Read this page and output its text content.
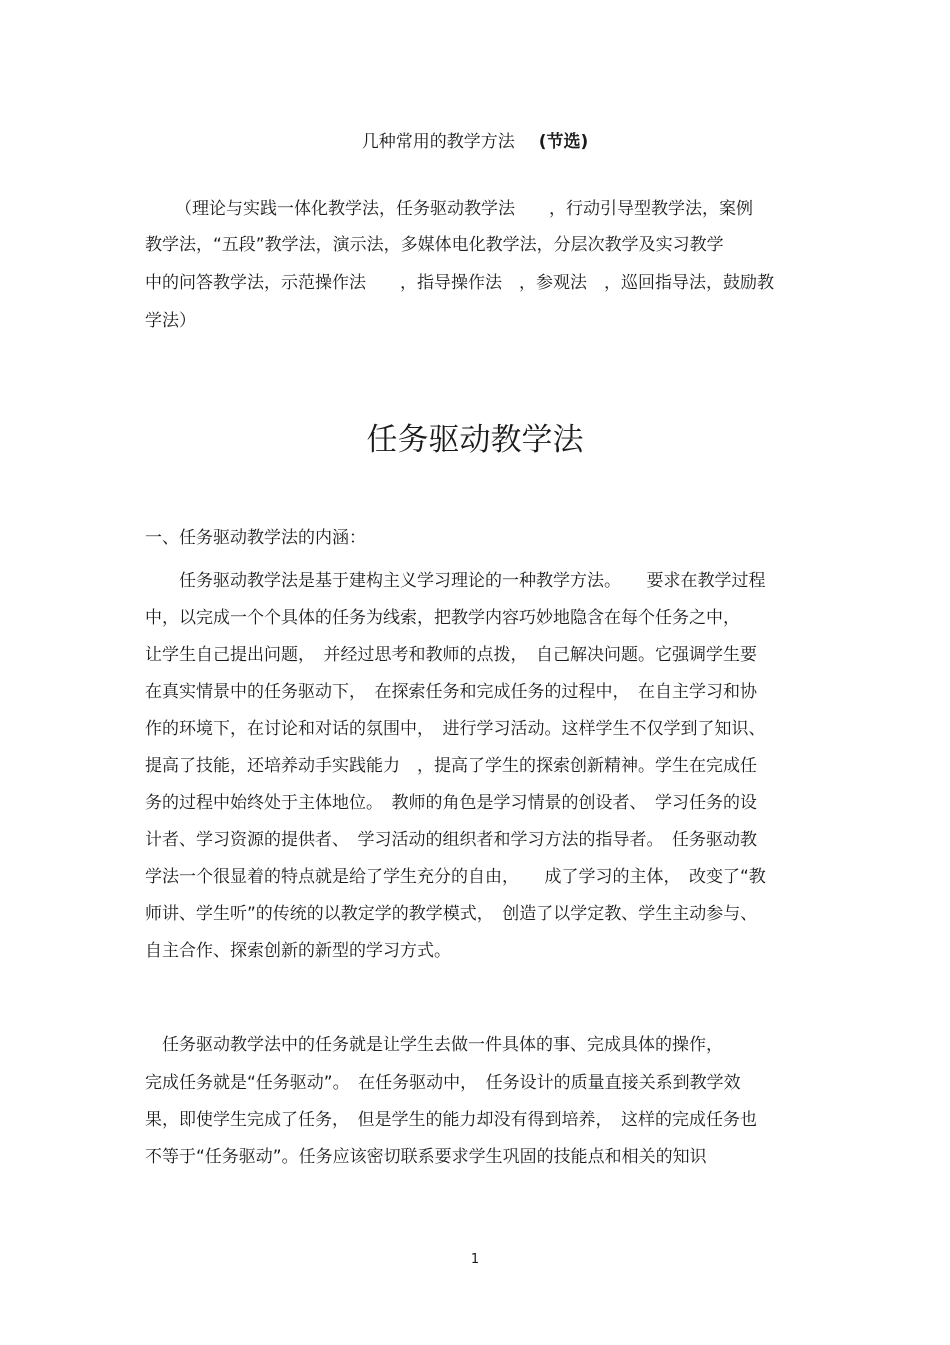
几种常用的教学方法 (节选)
（理论与实践一体化教学法，任务驱动教学法　　，行动引导型教学法，案例
教学法，“五段”教学法，演示法，多媒体电化教学法，分层次教学及实习教学
中的问答教学法，示范操作法　　，指导操作法　，参观法　，巡回指导法，鼓励教
学法）
任务驱动教学法
一、任务驱动教学法的内涵：
　　任务驱动教学法是基于建构主义学习理论的一种教学方法。　　要求在教学过程
中，以完成一个个具体的任务为线索，把教学内容巧妙地隐含在每个任务之中，
让学生自己提出问题，　并经过思考和教师的点拨，　自己解决问题。它强调学生要
在真实情景中的任务驱动下，　在探索任务和完成任务的过程中，　在自主学习和协
作的环境下，在讨论和对话的氛围中，　进行学习活动。这样学生不仅学到了知识、
提高了技能，还培养动手实践能力　，提高了学生的探索创新精神。学生在完成任
务的过程中始终处于主体地位。　教师的角色是学习情景的创设者、　学习任务的设
计者、学习资源的提供者、　学习活动的组织者和学习方法的指导者。　任务驱动教
学法一个很显着的特点就是给了学生充分的自由，　　成了学习的主体，　改变了“教
师讲、学生听”的传统的以教定学的教学模式，　创造了以学定教、学生主动参与、
自主合作、探索创新的新型的学习方式。
　任务驱动教学法中的任务就是让学生去做一件具体的事、完成具体的操作，
完成任务就是“任务驱动”。　在任务驱动中，　任务设计的质量直接关系到教学效
果，即使学生完成了任务，　但是学生的能力却没有得到培养，　这样的完成任务也
不等于“任务驱动”。任务应该密切联系要求学生巩固的技能点和相关的知识
1
